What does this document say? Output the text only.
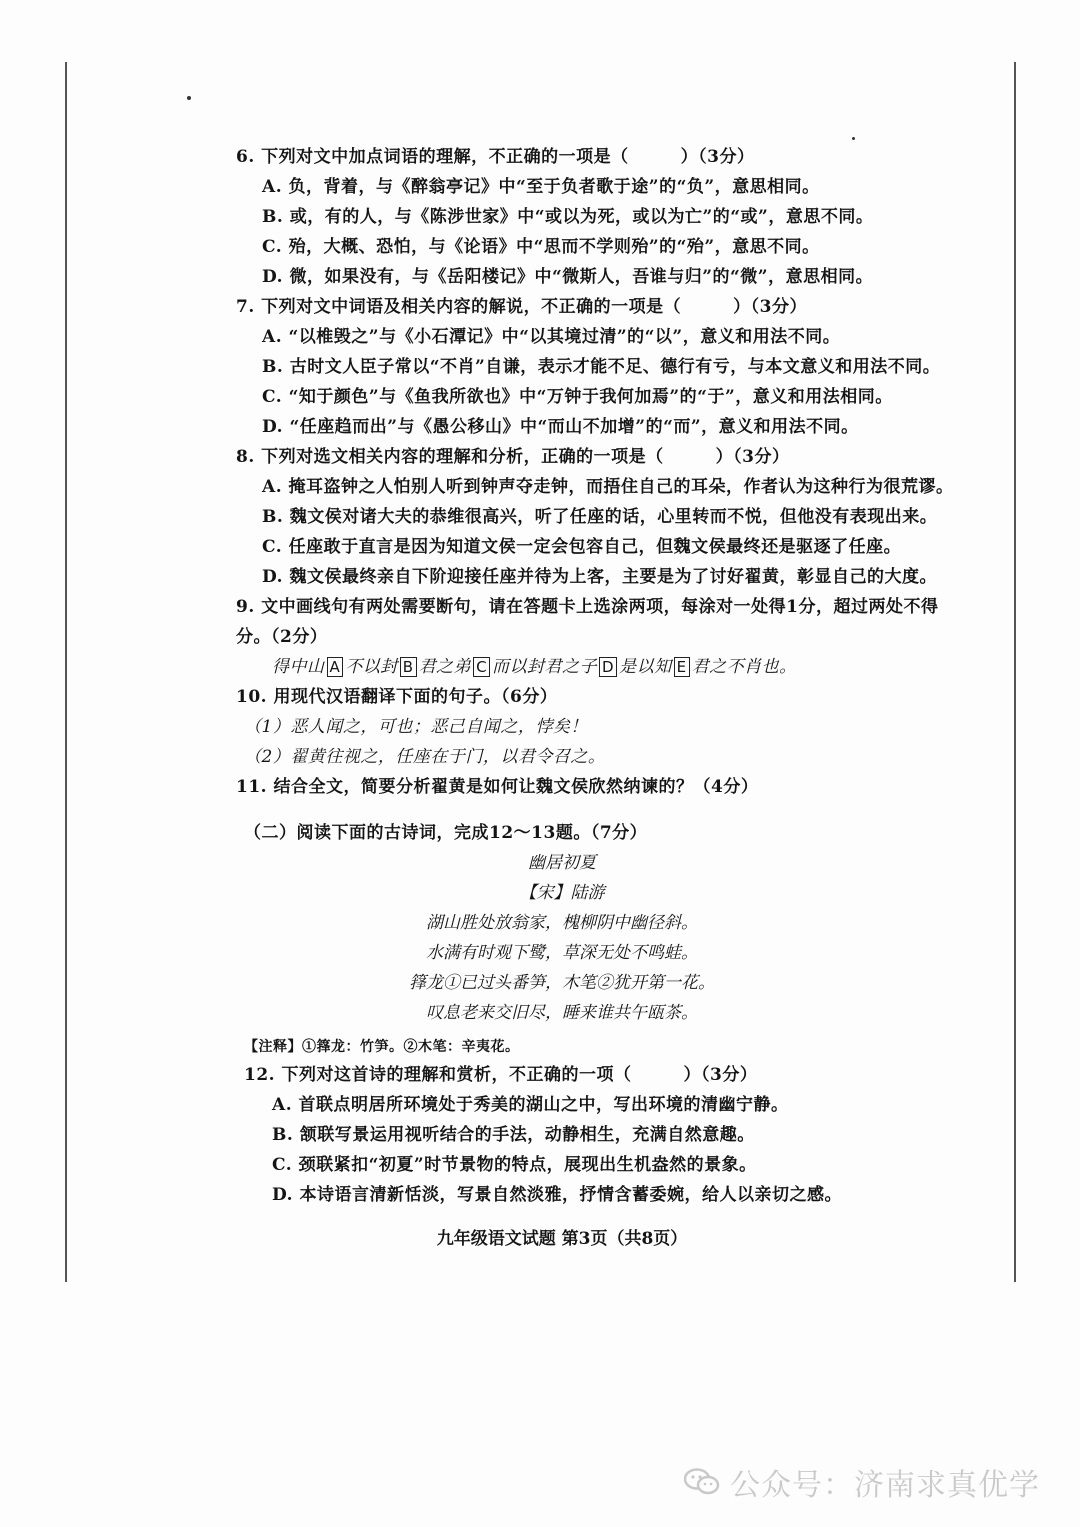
6. 下列对文中加点词语的理解，不正确的一项是（	）（3分）
A. 负，背着，与《醉翁亭记》中“至于负者歌于途”的“负”，意思相同。
B. 或，有的人，与《陈涉世家》中“或以为死，或以为亡”的“或”，意思不同。
C. 殆，大概、恐怕，与《论语》中“思而不学则殆”的“殆”，意思不同。
D. 微，如果没有，与《岳阳楼记》中“微斯人，吾谁与归”的“微”，意思相同。
7. 下列对文中词语及相关内容的解说，不正确的一项是（	）（3分）
A. “以椎毁之”与《小石潭记》中“以其境过清”的“以”，意义和用法不同。
B. 古时文人臣子常以“不肖”自谦，表示才能不足、德行有亏，与本文意义和用法不同。
C. “知于颜色”与《鱼我所欲也》中“万钟于我何加焉”的“于”，意义和用法相同。
D. “任座趋而出”与《愚公移山》中“而山不加增”的“而”，意义和用法不同。
8. 下列对选文相关内容的理解和分析，正确的一项是（	）（3分）
A. 掩耳盗钟之人怕别人听到钟声夺走钟，而捂住自己的耳朵，作者认为这种行为很荒谬。
B. 魏文侯对诸大夫的恭维很高兴，听了任座的话，心里转而不悦，但他没有表现出来。
C. 任座敢于直言是因为知道文侯一定会包容自己，但魏文侯最终还是驱逐了任座。
D. 魏文侯最终亲自下阶迎接任座并待为上客，主要是为了讨好翟黄，彰显自己的大度。
9. 文中画线句有两处需要断句，请在答题卡上选涂两项，每涂对一处得1分，超过两处不得
分。（2分）
得中山 A 不以封 B 君之弟 C 而以封君之子 D 是以知 E 君之不肖也。
10. 用现代汉语翻译下面的句子。（6分）
（1）恶人闻之，可也；恶己自闻之，悖矣！
（2）翟黄往视之，任座在于门，以君令召之。
11. 结合全文，简要分析翟黄是如何让魏文侯欣然纳谏的？（4分）
（二）阅读下面的古诗词，完成12～13题。（7分）
幽居初夏
【宋】陆游
湖山胜处放翁家，槐柳阴中幽径斜。
水满有时观下鹭，草深无处不鸣蛙。
箨龙①已过头番笋，木笔②犹开第一花。
叹息老来交旧尽，睡来谁共午瓯茶。
【注释】①箨龙：竹笋。②木笔：辛夷花。
12. 下列对这首诗的理解和赏析，不正确的一项（	）（3分）
A. 首联点明居所环境处于秀美的湖山之中，写出环境的清幽宁静。
B. 颔联写景运用视听结合的手法，动静相生，充满自然意趣。
C. 颈联紧扣“初夏”时节景物的特点，展现出生机盎然的景象。
D. 本诗语言清新恬淡，写景自然淡雅，抒情含蓄委婉，给人以亲切之感。
九年级语文试题 第3页（共8页）
公众号：济南求真优学
